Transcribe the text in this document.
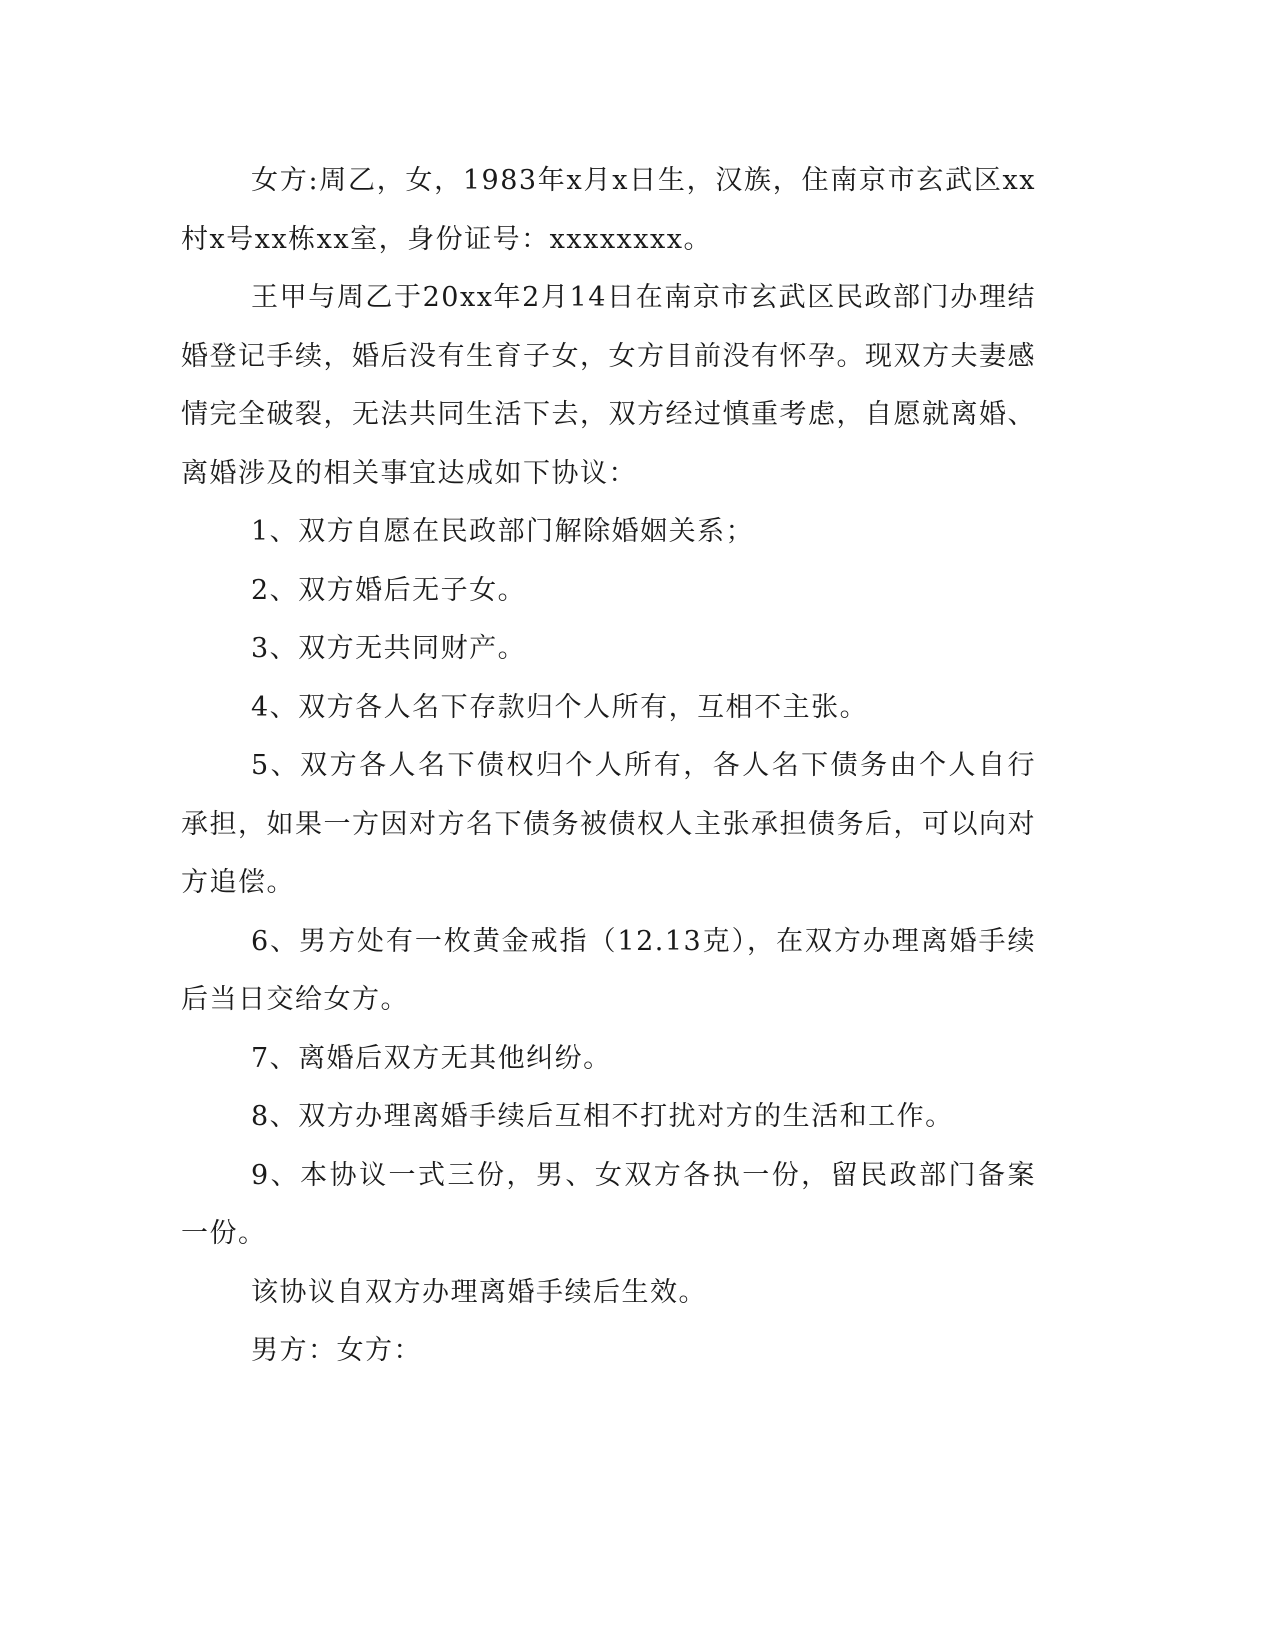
女方:周乙，女，1983年x月x日生，汉族，住南京市玄武区xx村x号xx栋xx室，身份证号：xxxxxxxx。

王甲与周乙于20xx年2月14日在南京市玄武区民政部门办理结婚登记手续，婚后没有生育子女，女方目前没有怀孕。现双方夫妻感情完全破裂，无法共同生活下去，双方经过慎重考虑，自愿就离婚、离婚涉及的相关事宜达成如下协议：

1、双方自愿在民政部门解除婚姻关系；

2、双方婚后无子女。

3、双方无共同财产。

4、双方各人名下存款归个人所有，互相不主张。

5、双方各人名下债权归个人所有，各人名下债务由个人自行承担，如果一方因对方名下债务被债权人主张承担债务后，可以向对方追偿。

6、男方处有一枚黄金戒指（12.13克），在双方办理离婚手续后当日交给女方。

7、离婚后双方无其他纠纷。

8、双方办理离婚手续后互相不打扰对方的生活和工作。

9、本协议一式三份，男、女双方各执一份，留民政部门备案一份。

该协议自双方办理离婚手续后生效。

男方：女方：
